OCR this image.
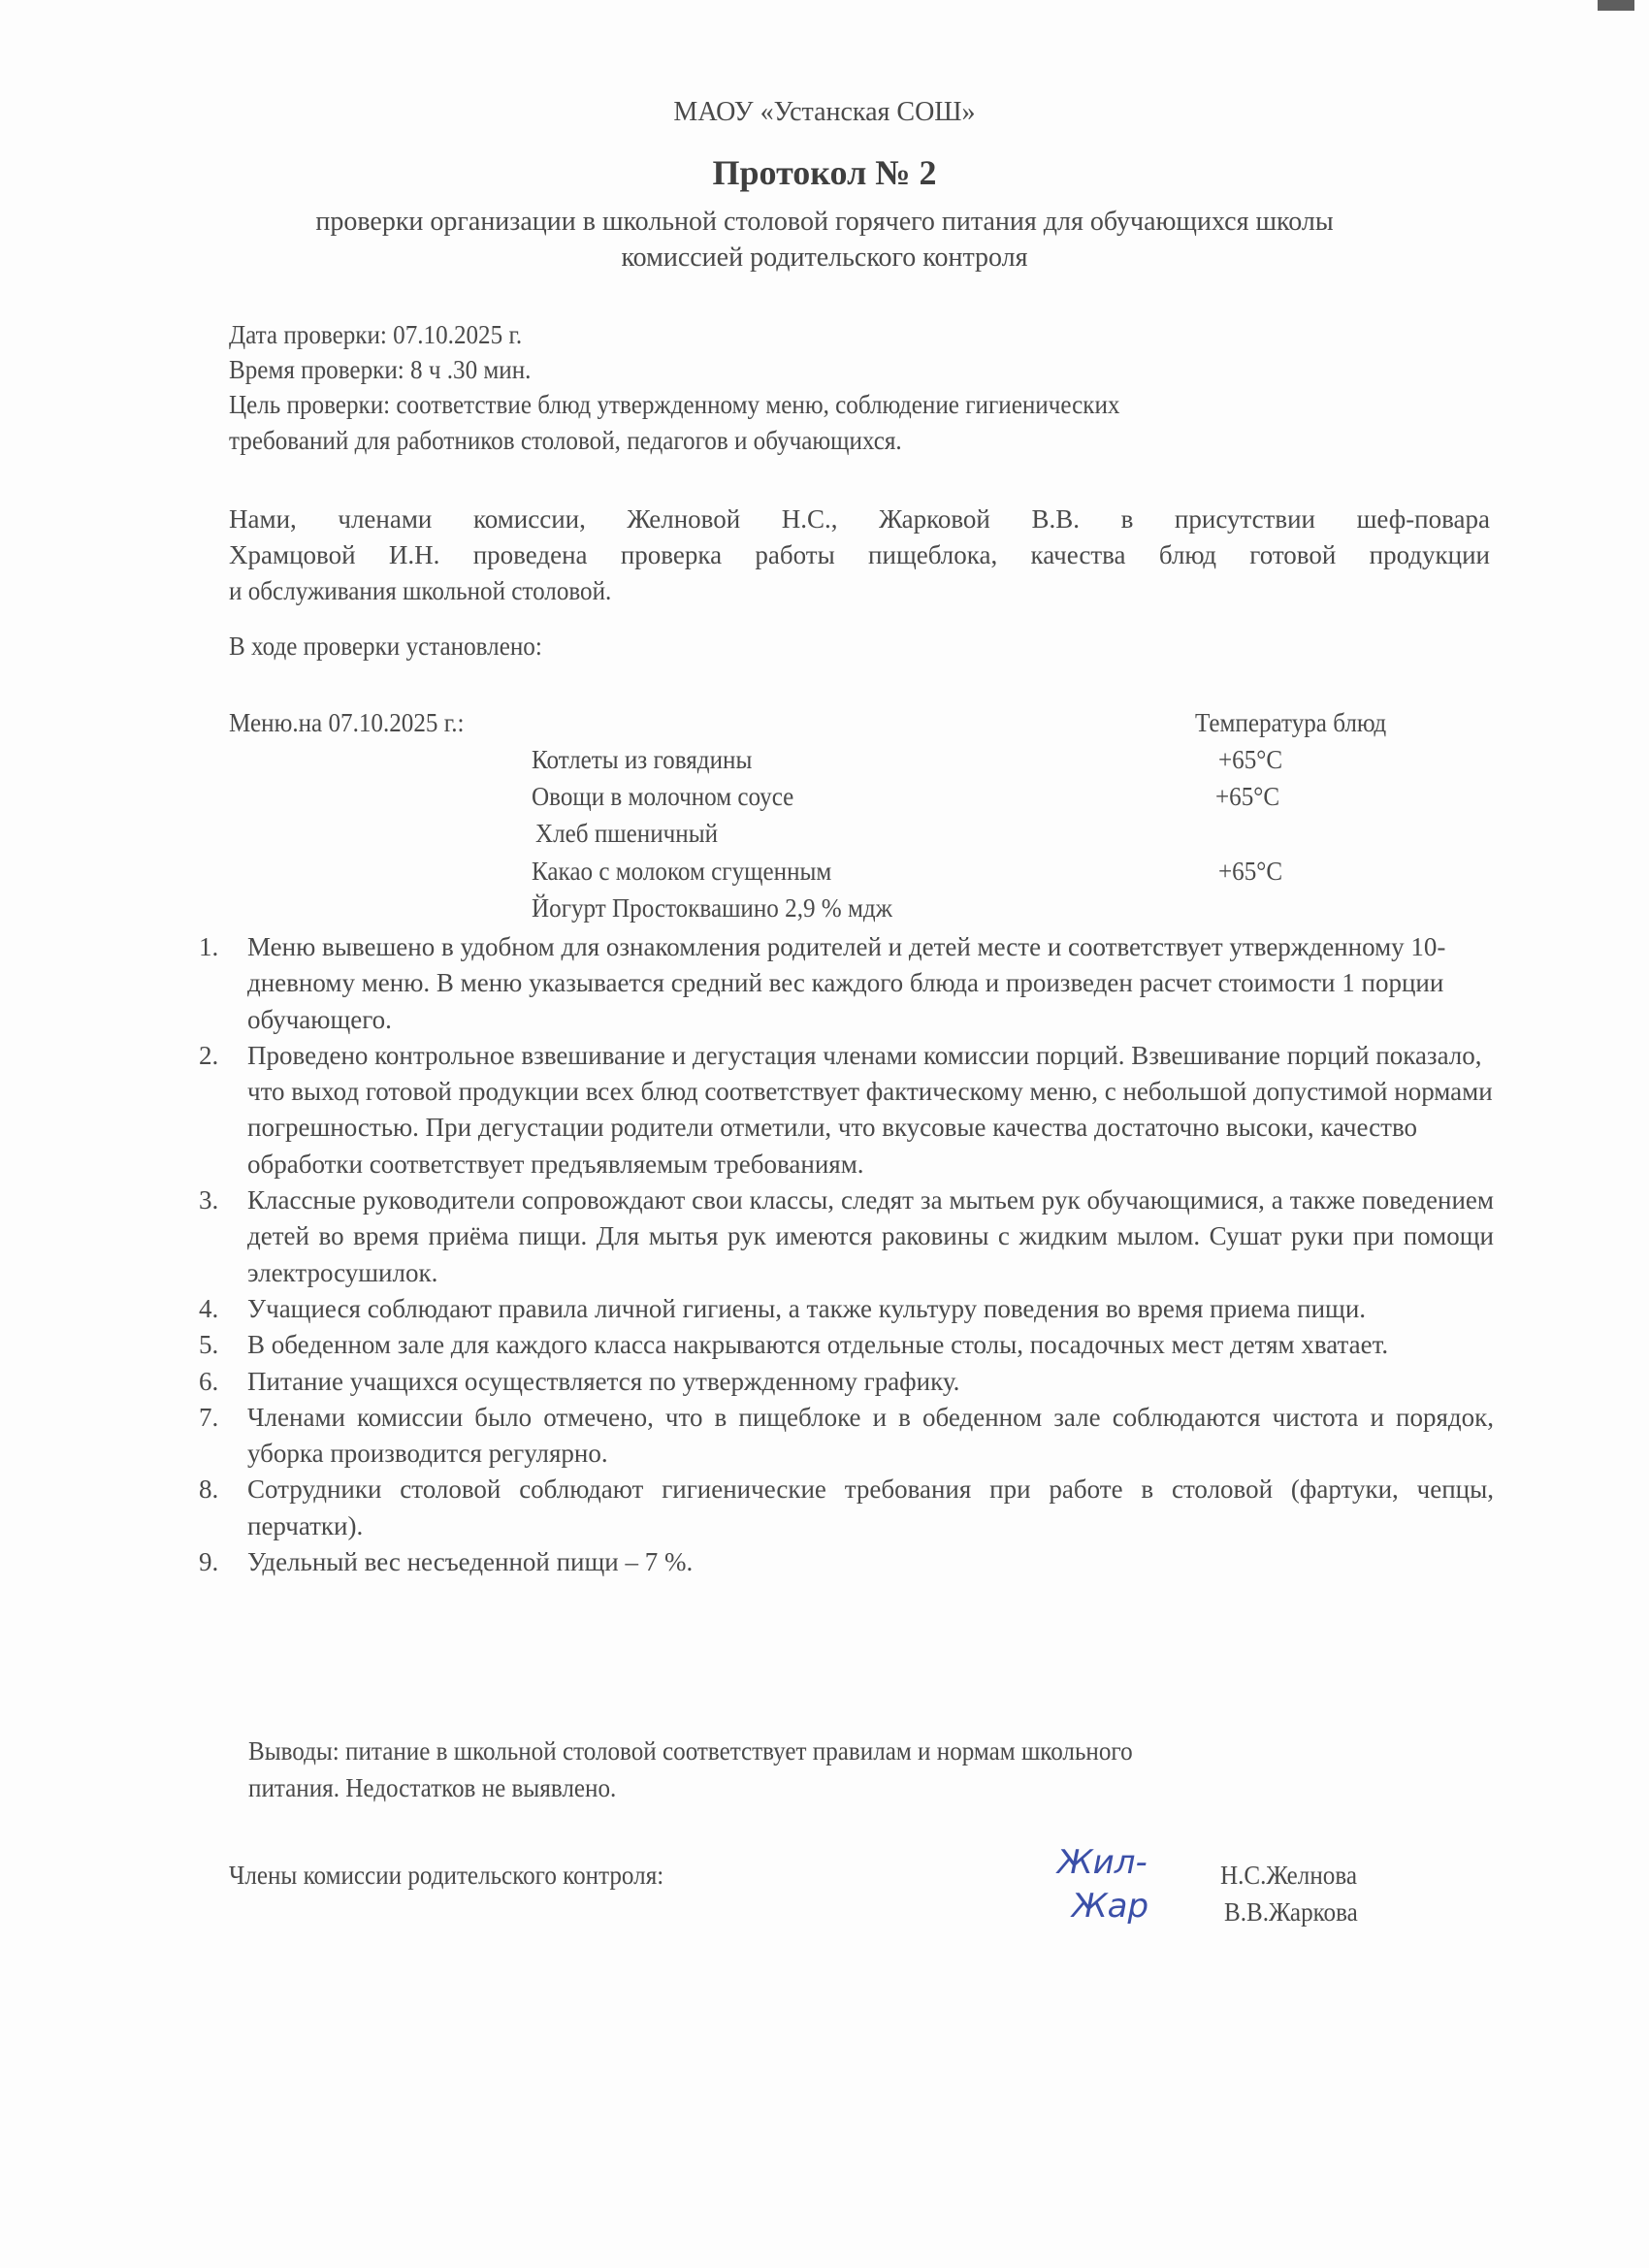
МАОУ «Устанская СОШ»
Протокол № 2
проверки организации в школьной столовой горячего питания для обучающихся школы
комиссией родительского контроля
Дата проверки: 07.10.2025 г.
Время проверки: 8 ч .30 мин.
Цель проверки: соответствие блюд утвержденному меню, соблюдение гигиенических
требований для работников столовой, педагогов и обучающихся.
Нами, членами комиссии, Желновой Н.С., Жарковой В.В. в присутствии шеф-повара
Храмцовой И.Н. проведена проверка работы пищеблока, качества блюд готовой продукции
и обслуживания школьной столовой.
В ходе проверки установлено:
Меню.на 07.10.2025 г.:	Температура блюд
Котлеты из говядины	+65°С
Овощи в молочном соусе	+65°С
Хлеб пшеничный
Какао с молоком сгущенным	+65°С
Йогурт Простоквашино 2,9 % мдж
1. Меню вывешено в удобном для ознакомления родителей и детей месте и соответствует утвержденному 10-дневному меню. В меню указывается средний вес каждого блюда и произведен расчет стоимости 1 порции обучающего.
2. Проведено контрольное взвешивание и дегустация членами комиссии порций. Взвешивание порций показало, что выход готовой продукции всех блюд соответствует фактическому меню, с небольшой допустимой нормами погрешностью. При дегустации родители отметили, что вкусовые качества достаточно высоки, качество обработки соответствует предъявляемым требованиям.
3. Классные руководители сопровождают свои классы, следят за мытьем рук обучающимися, а также поведением детей во время приёма пищи. Для мытья рук имеются раковины с жидким мылом. Сушат руки при помощи электросушилок.
4. Учащиеся соблюдают правила личной гигиены, а также культуру поведения во время приема пищи.
5. В обеденном зале для каждого класса накрываются отдельные столы, посадочных мест детям хватает.
6. Питание учащихся осуществляется по утвержденному графику.
7. Членами комиссии было отмечено, что в пищеблоке и в обеденном зале соблюдаются чистота и порядок, уборка производится регулярно.
8. Сотрудники столовой соблюдают гигиенические требования при работе в столовой (фартуки, чепцы, перчатки).
9. Удельный вес несъеденной пищи – 7 %.
Выводы: питание в школьной столовой соответствует правилам и нормам школьного
питания. Недостатков не выявлено.
Члены комиссии родительского контроля:	Жил-
Жар
Н.С.Желнова
В.В.Жаркова
